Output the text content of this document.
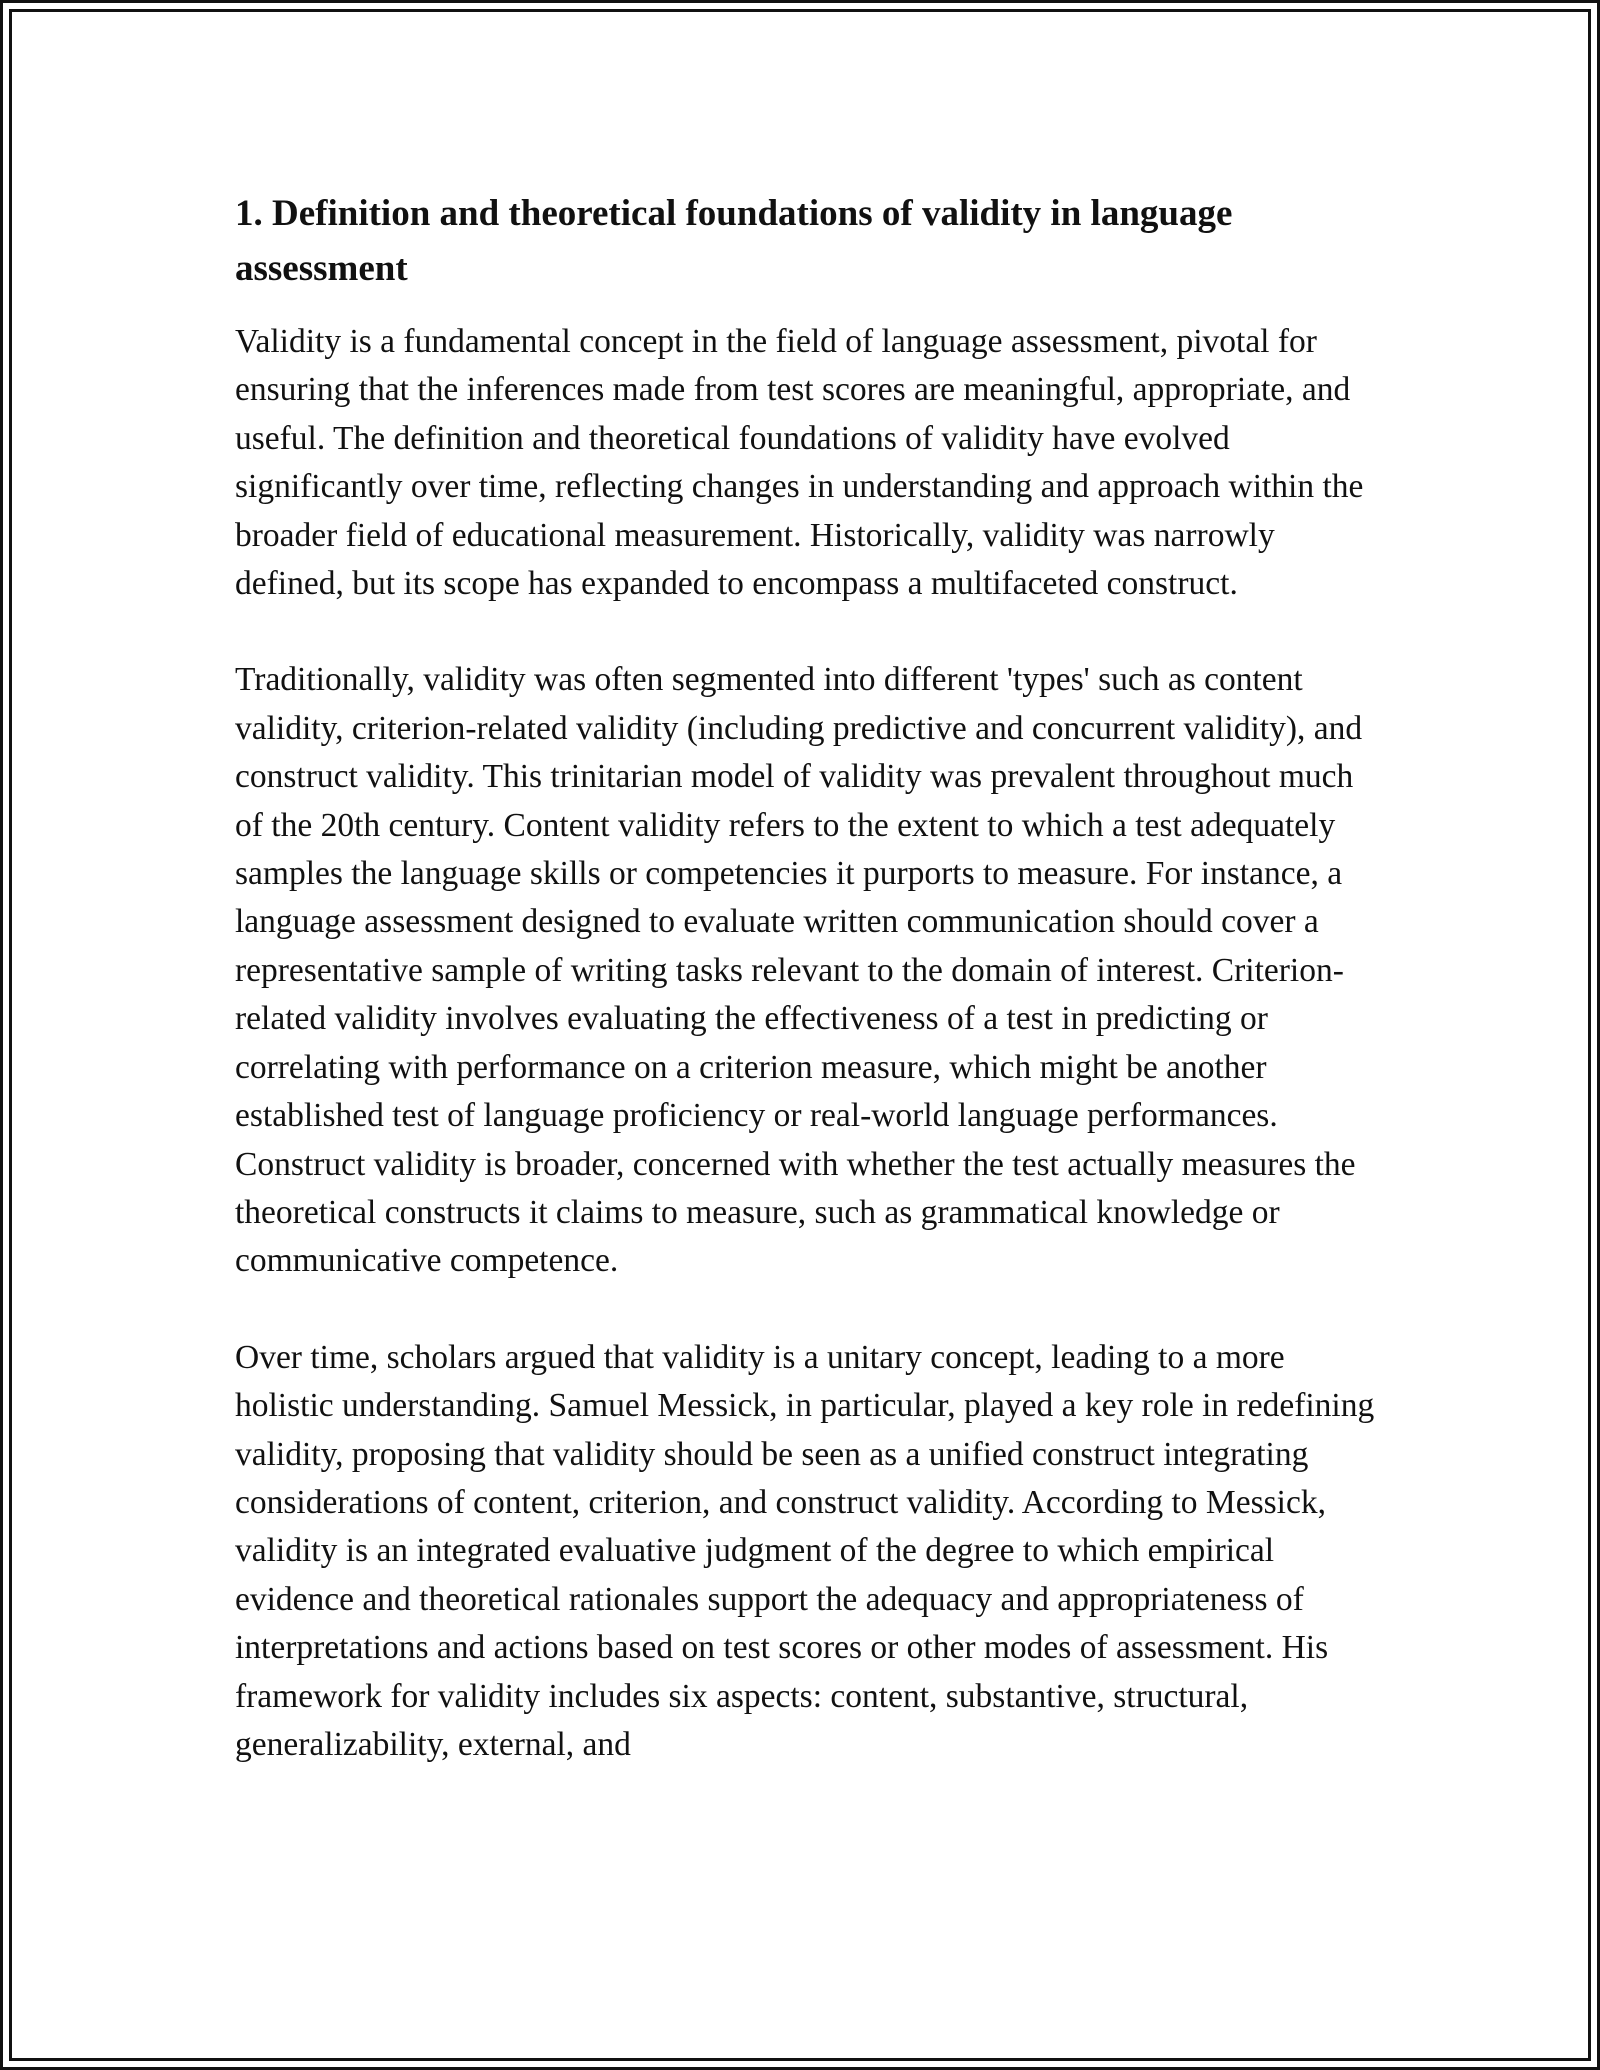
1. Definition and theoretical foundations of validity in language assessment

Validity is a fundamental concept in the field of language assessment, pivotal for ensuring that the inferences made from test scores are meaningful, appropriate, and useful. The definition and theoretical foundations of validity have evolved significantly over time, reflecting changes in understanding and approach within the broader field of educational measurement. Historically, validity was narrowly defined, but its scope has expanded to encompass a multifaceted construct.

Traditionally, validity was often segmented into different 'types' such as content validity, criterion-related validity (including predictive and concurrent validity), and construct validity. This trinitarian model of validity was prevalent throughout much of the 20th century. Content validity refers to the extent to which a test adequately samples the language skills or competencies it purports to measure. For instance, a language assessment designed to evaluate written communication should cover a representative sample of writing tasks relevant to the domain of interest. Criterion-related validity involves evaluating the effectiveness of a test in predicting or correlating with performance on a criterion measure, which might be another established test of language proficiency or real-world language performances. Construct validity is broader, concerned with whether the test actually measures the theoretical constructs it claims to measure, such as grammatical knowledge or communicative competence.

Over time, scholars argued that validity is a unitary concept, leading to a more holistic understanding. Samuel Messick, in particular, played a key role in redefining validity, proposing that validity should be seen as a unified construct integrating considerations of content, criterion, and construct validity. According to Messick, validity is an integrated evaluative judgment of the degree to which empirical evidence and theoretical rationales support the adequacy and appropriateness of interpretations and actions based on test scores or other modes of assessment. His framework for validity includes six aspects: content, substantive, structural, generalizability, external, and
